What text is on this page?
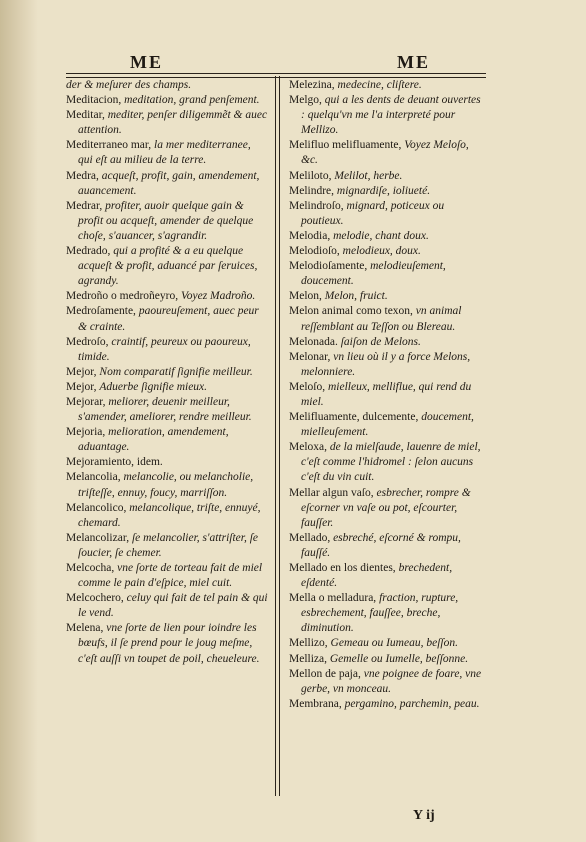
ME	ME

der & meſurer des champs.

Meditacion, meditation, grand penſement.

Meditar, mediter, penſer diligemmẽt & auec attention.

Mediterraneo mar, la mer mediterranee, qui eſt au milieu de la terre.

Medra, acqueſt, profit, gain, amendement, auancement.

Medrar, profiter, auoir quelque gain & profit ou acqueſt, amender de quelque choſe, s'auancer, s'agrandir.

Medrado, qui a profité & a eu quelque acqueſt & profit, aduancé par ſeruices, agrandy.

Medroño o medroñeyro, Voyez Madroño.

Medroſamente, paoureuſement, auec peur & crainte.

Medroſo, craintif, peureux ou paoureux, timide.

Mejor, Nom comparatif ſignifie meilleur.

Mejor, Aduerbe ſignifie mieux.

Mejorar, meliorer, deuenir meilleur, s'amender, ameliorer, rendre meilleur.

Mejoria, melioration, amendement, aduantage.

Mejoramiento, idem.

Melancolia, melancolie, ou melancholie, triſteſſe, ennuy, foucy, marriſſon.

Melancolico, melancolique, triſte, ennuyé, chemard.

Melancolizar, ſe melancolier, s'attriſter, ſe ſoucier, ſe chemer.

Melcocha, vne ſorte de torteau fait de miel comme le pain d'eſpice, miel cuit.

Melcochero, celuy qui fait de tel pain & qui le vend.

Melena, vne ſorte de lien pour ioindre les bœufs, il ſe prend pour le joug meſme, c'eſt auſſi vn toupet de poil, cheueleure.

Melezina, medecine, cliſtere.

Melgo, qui a les dents de deuant ouvertes : quelqu'vn me l'a interpreté pour Mellizo.

Melifluo melifluamente, Voyez Meloſo, &c.

Meliloto, Melilot, herbe.

Melindre, mignardiſe, ioliueté.

Melindroſo, mignard, poticeux ou poutieux.

Melodia, melodie, chant doux.

Melodioſo, melodieux, doux.

Melodioſamente, melodieuſement, doucement.

Melon, Melon, fruict.

Melon animal como texon, vn animal reſſemblant au Teſſon ou Blereau.

Melonada. ſaiſon de Melons.

Melonar, vn lieu où il y a force Melons, melonniere.

Meloſo, mielleux, melliflue, qui rend du miel.

Melifluamente, dulcemente, doucement, mielleuſement.

Meloxa, de la mielſaude, lauenre de miel, c'eſt comme l'hidromel : ſelon aucuns c'eſt du vin cuit.

Mellar algun vaſo, esbrecher, rompre & eſcorner vn vaſe ou pot, eſcourter, fauſſer.

Mellado, esbreché, eſcorné & rompu, fauſſé.

Mellado en los dientes, brechedent, eſdenté.

Mella o melladura, fraction, rupture, esbrechement, fauſſee, breche, diminution.

Mellizo, Gemeau ou Iumeau, beſſon.

Melliza, Gemelle ou Iumelle, beſſonne.

Mellon de paja, vne poignee de foare, vne gerbe, vn monceau.

Membrana, pergamino, parchemin, peau.

Y ij
